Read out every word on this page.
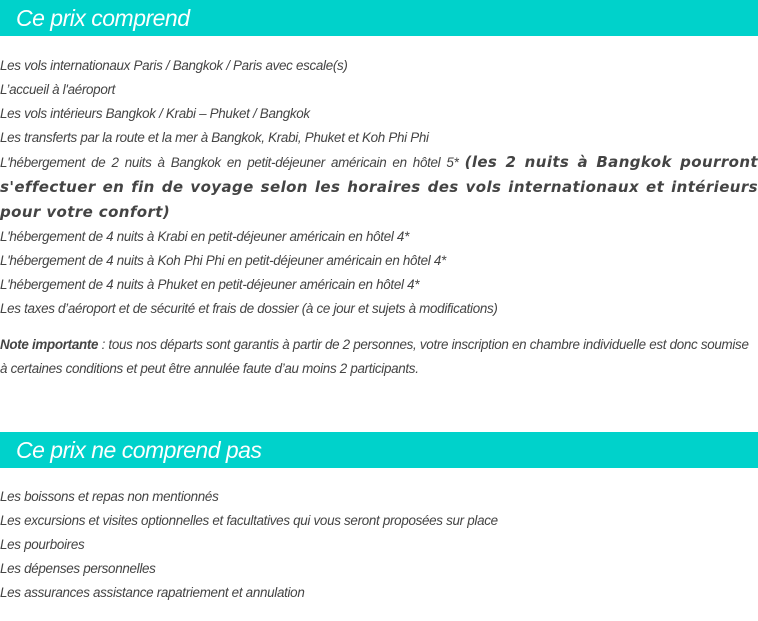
Ce prix comprend
Les vols internationaux Paris / Bangkok / Paris avec escale(s)
L’accueil à l'aéroport
Les vols intérieurs Bangkok / Krabi – Phuket / Bangkok
Les transferts par la route et la mer à Bangkok, Krabi, Phuket et Koh Phi Phi
L'hébergement de 2 nuits à Bangkok en petit-déjeuner américain en hôtel 5* (les 2 nuits à Bangkok pourront s'effectuer en fin de voyage selon les horaires des vols internationaux et intérieurs pour votre confort)
L'hébergement de 4 nuits à Krabi en petit-déjeuner américain en hôtel 4*
L'hébergement de 4 nuits à Koh Phi Phi en petit-déjeuner américain en hôtel 4*
L'hébergement de 4 nuits à Phuket en petit-déjeuner américain en hôtel 4*
Les taxes d’aéroport et de sécurité et frais de dossier (à ce jour et sujets à modifications)

Note importante : tous nos départs sont garantis à partir de 2 personnes, votre inscription en chambre individuelle est donc soumise à certaines conditions et peut être annulée faute d’au moins 2 participants.

Ce prix ne comprend pas
Les boissons et repas non mentionnés
Les excursions et visites optionnelles et facultatives qui vous seront proposées sur place
Les pourboires
Les dépenses personnelles
Les assurances assistance rapatriement et annulation
